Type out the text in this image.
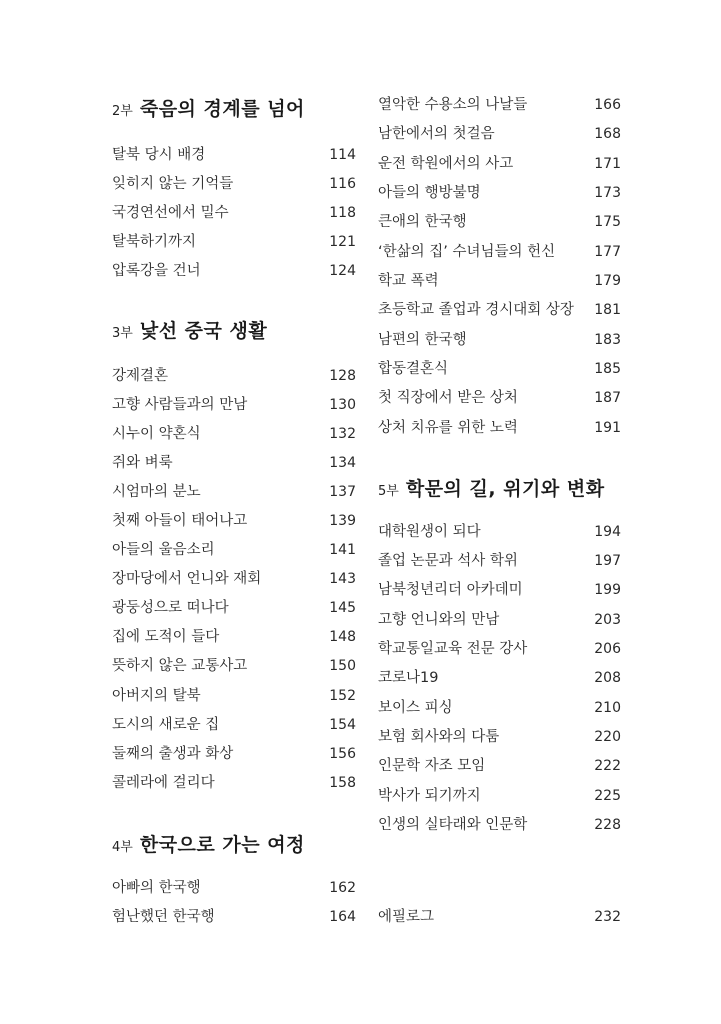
2부 죽음의 경계를 넘어
탈북 당시 배경	114
잊히지 않는 기억들	116
국경연선에서 밀수	118
탈북하기까지	121
압록강을 건너	124
3부 낯선 중국 생활
강제결혼	128
고향 사람들과의 만남	130
시누이 약혼식	132
쥐와 벼룩	134
시엄마의 분노	137
첫째 아들이 태어나고	139
아들의 울음소리	141
장마당에서 언니와 재회	143
광둥성으로 떠나다	145
집에 도적이 들다	148
뜻하지 않은 교통사고	150
아버지의 탈북	152
도시의 새로운 집	154
둘째의 출생과 화상	156
콜레라에 걸리다	158
4부 한국으로 가는 여정
아빠의 한국행	162
험난했던 한국행	164
열악한 수용소의 나날들	166
남한에서의 첫걸음	168
운전 학원에서의 사고	171
아들의 행방불명	173
큰애의 한국행	175
‘한삶의 집’ 수녀님들의 헌신	177
학교 폭력	179
초등학교 졸업과 경시대회 상장 181
남편의 한국행	183
합동결혼식	185
첫 직장에서 받은 상처	187
상처 치유를 위한 노력	191
5부 학문의 길, 위기와 변화
대학원생이 되다	194
졸업 논문과 석사 학위	197
남북청년리더 아카데미	199
고향 언니와의 만남	203
학교통일교육 전문 강사	206
코로나19	208
보이스 피싱	210
보험 회사와의 다툼	220
인문학 자조 모임	222
박사가 되기까지	225
인생의 실타래와 인문학	228
에필로그	232
